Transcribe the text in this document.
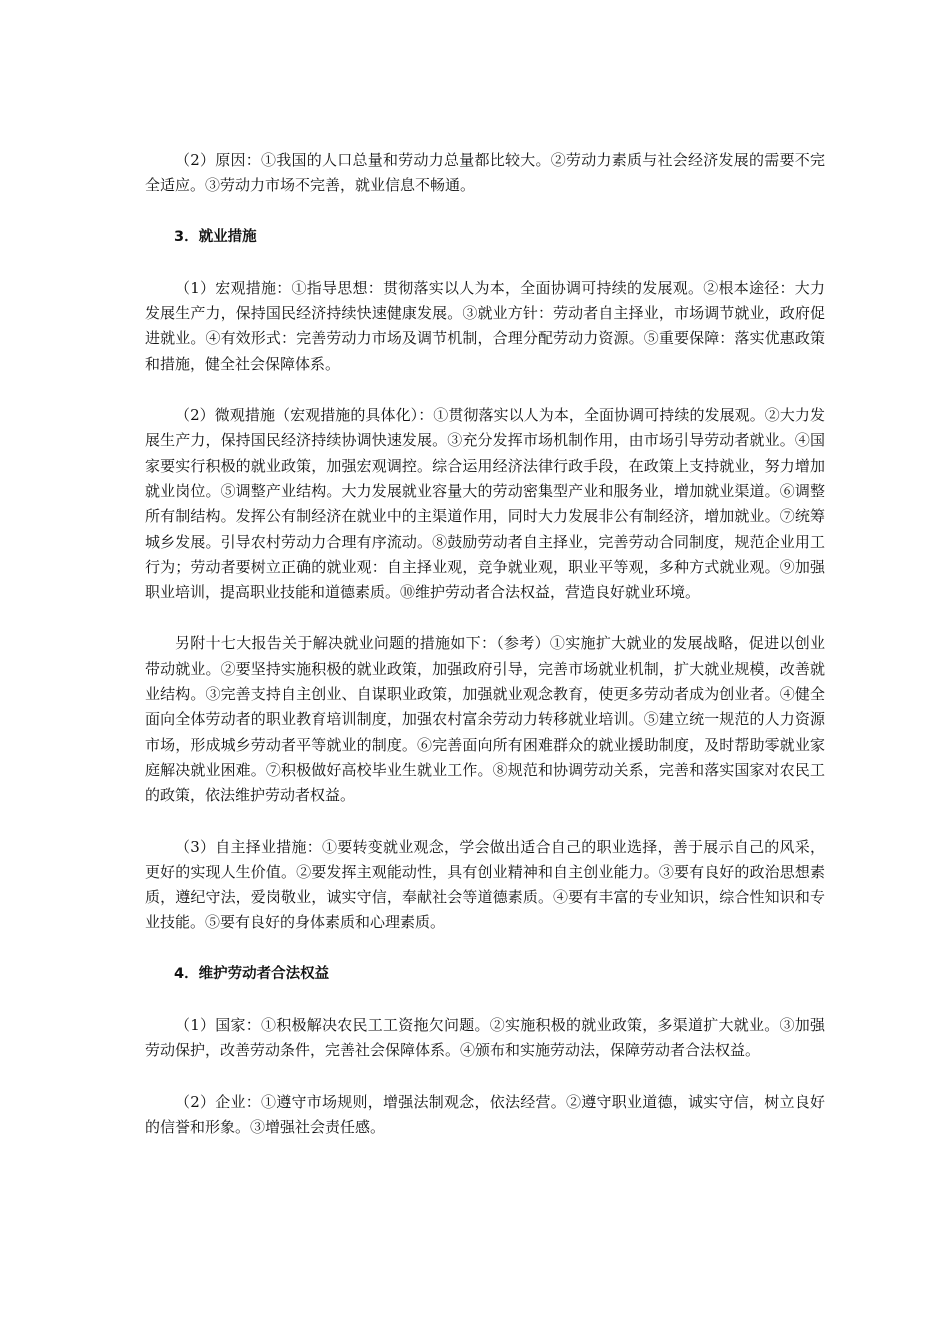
（2）原因：①我国的人口总量和劳动力总量都比较大。②劳动力素质与社会经济发展的需要不完全适应。③劳动力市场不完善，就业信息不畅通。

3．就业措施

（1）宏观措施：①指导思想：贯彻落实以人为本，全面协调可持续的发展观。②根本途径：大力发展生产力，保持国民经济持续快速健康发展。③就业方针：劳动者自主择业，市场调节就业，政府促进就业。④有效形式：完善劳动力市场及调节机制，合理分配劳动力资源。⑤重要保障：落实优惠政策和措施，健全社会保障体系。

（2）微观措施（宏观措施的具体化）：①贯彻落实以人为本，全面协调可持续的发展观。②大力发展生产力，保持国民经济持续协调快速发展。③充分发挥市场机制作用，由市场引导劳动者就业。④国家要实行积极的就业政策，加强宏观调控。综合运用经济法律行政手段，在政策上支持就业，努力增加就业岗位。⑤调整产业结构。大力发展就业容量大的劳动密集型产业和服务业，增加就业渠道。⑥调整所有制结构。发挥公有制经济在就业中的主渠道作用，同时大力发展非公有制经济，增加就业。⑦统筹城乡发展。引导农村劳动力合理有序流动。⑧鼓励劳动者自主择业，完善劳动合同制度，规范企业用工行为；劳动者要树立正确的就业观：自主择业观，竞争就业观，职业平等观，多种方式就业观。⑨加强职业培训，提高职业技能和道德素质。⑩维护劳动者合法权益，营造良好就业环境。

另附十七大报告关于解决就业问题的措施如下：（参考）①实施扩大就业的发展战略，促进以创业带动就业。②要坚持实施积极的就业政策，加强政府引导，完善市场就业机制，扩大就业规模，改善就业结构。③完善支持自主创业、自谋职业政策，加强就业观念教育，使更多劳动者成为创业者。④健全面向全体劳动者的职业教育培训制度，加强农村富余劳动力转移就业培训。⑤建立统一规范的人力资源市场，形成城乡劳动者平等就业的制度。⑥完善面向所有困难群众的就业援助制度，及时帮助零就业家庭解决就业困难。⑦积极做好高校毕业生就业工作。⑧规范和协调劳动关系，完善和落实国家对农民工的政策，依法维护劳动者权益。

（3）自主择业措施：①要转变就业观念，学会做出适合自己的职业选择，善于展示自己的风采，更好的实现人生价值。②要发挥主观能动性，具有创业精神和自主创业能力。③要有良好的政治思想素质，遵纪守法，爱岗敬业，诚实守信，奉献社会等道德素质。④要有丰富的专业知识，综合性知识和专业技能。⑤要有良好的身体素质和心理素质。

4．维护劳动者合法权益

（1）国家：①积极解决农民工工资拖欠问题。②实施积极的就业政策，多渠道扩大就业。③加强劳动保护，改善劳动条件，完善社会保障体系。④颁布和实施劳动法，保障劳动者合法权益。

（2）企业：①遵守市场规则，增强法制观念，依法经营。②遵守职业道德，诚实守信，树立良好的信誉和形象。③增强社会责任感。
